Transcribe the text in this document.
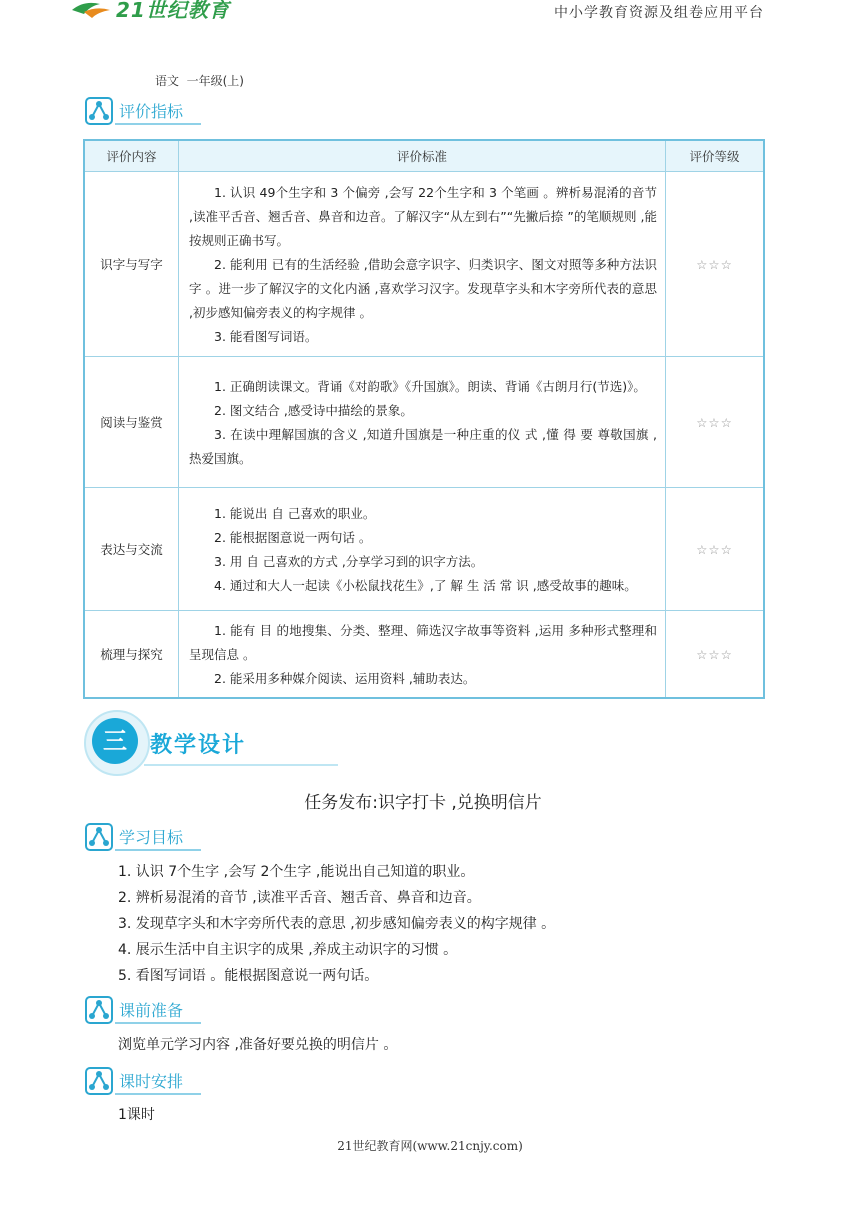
21世纪教育	中小学教育资源及组卷应用平台
语文  一年级(上)
评价指标
评价内容	评价标准	评价等级
识字与写字	1. 认识 49个生字和 3 个偏旁 ,会写 22个生字和 3 个笔画 。辨析易混淆的音节 ,读准平舌音、翘舌音、鼻音和边音。了解汉字“从左到右”“先撇后捺 ”的笔顺规则 ,能按规则正确书写。

2. 能利用 已有的生活经验 ,借助会意字识字、归类识字、图文对照等多种方法识字 。进一步了解汉字的文化内涵 ,喜欢学习汉字。发现草字头和木字旁所代表的意思 ,初步感知偏旁表义的构字规律 。

3. 能看图写词语。	☆☆☆
阅读与鉴赏	1. 正确朗读课文。背诵《对韵歌》《升国旗》。朗读、背诵《古朗月行(节选)》。

2. 图文结合 ,感受诗中描绘的景象。

3. 在读中理解国旗的含义 ,知道升国旗是一种庄重的仪 式 ,懂 得 要 尊敬国旗 ,热爱国旗。	☆☆☆
表达与交流	1. 能说出 自 己喜欢的职业。

2. 能根据图意说一两句话 。

3. 用 自 己喜欢的方式 ,分享学习到的识字方法。

4. 通过和大人一起读《小松鼠找花生》,了 解 生 活 常 识 ,感受故事的趣味。	☆☆☆
梳理与探究	1. 能有 目 的地搜集、分类、整理、筛选汉字故事等资料 ,运用 多种形式整理和呈现信息 。

2. 能采用多种媒介阅读、运用资料 ,辅助表达。	☆☆☆
三	教学设计
任务发布:识字打卡 ,兑换明信片
学习目标
1. 认识 7个生字 ,会写 2个生字 ,能说出自己知道的职业。
2. 辨析易混淆的音节 ,读准平舌音、翘舌音、鼻音和边音。
3. 发现草字头和木字旁所代表的意思 ,初步感知偏旁表义的构字规律 。
4. 展示生活中自主识字的成果 ,养成主动识字的习惯 。
5. 看图写词语 。能根据图意说一两句话。
课前准备
浏览单元学习内容 ,准备好要兑换的明信片 。
课时安排
1课时
21世纪教育网(www.21cnjy.com)
